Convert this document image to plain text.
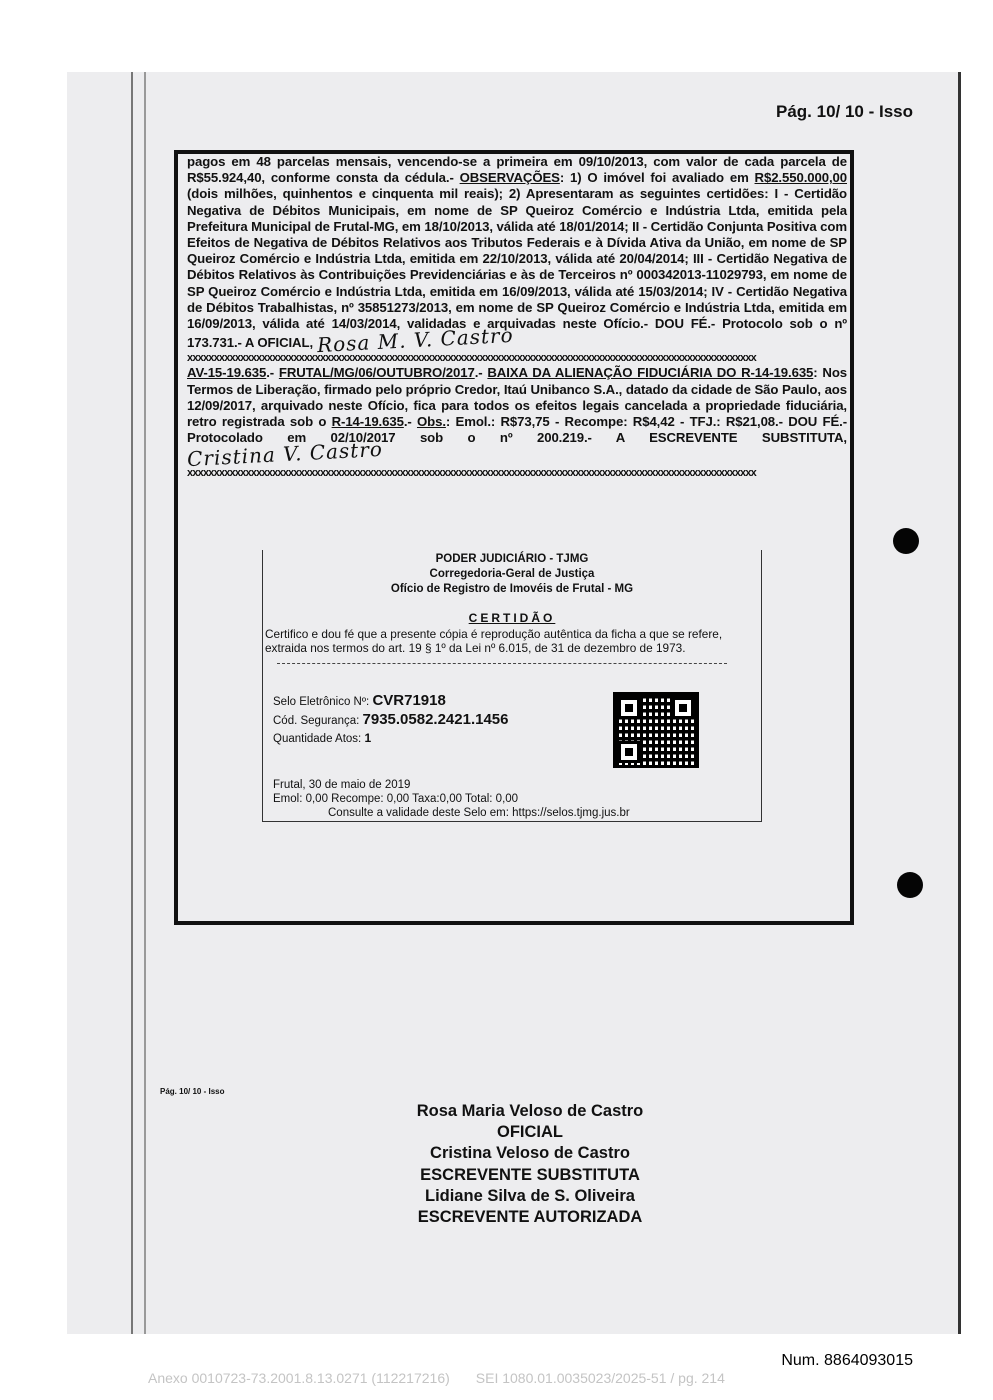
Pág. 10/ 10 - Isso

pagos em 48 parcelas mensais, vencendo-se a primeira em 09/10/2013, com valor de cada parcela de R$55.924,40, conforme consta da cédula.- OBSERVAÇÕES: 1) O imóvel foi avaliado em R$2.550.000,00 (dois milhões, quinhentos e cinquenta mil reais); 2) Apresentaram as seguintes certidões: I - Certidão Negativa de Débitos Municipais, em nome de SP Queiroz Comércio e Indústria Ltda, emitida pela Prefeitura Municipal de Frutal-MG, em 18/10/2013, válida até 18/01/2014; II - Certidão Conjunta Positiva com Efeitos de Negativa de Débitos Relativos aos Tributos Federais e à Dívida Ativa da União, em nome de SP Queiroz Comércio e Indústria Ltda, emitida em 22/10/2013, válida até 20/04/2014; III - Certidão Negativa de Débitos Relativos às Contribuições Previdenciárias e às de Terceiros nº 000342013-11029793, em nome de SP Queiroz Comércio e Indústria Ltda, emitida em 16/09/2013, válida até 15/03/2014; IV - Certidão Negativa de Débitos Trabalhistas, nº 35851273/2013, em nome de SP Queiroz Comércio e Indústria Ltda, emitida em 16/09/2013, válida até 14/03/2014, validadas e arquivadas neste Ofício.- DOU FÉ.- Protocolo sob o nº 173.731.- A OFICIAL, Rosa M. V. Castro

xxxxxxxxxxxxxxxxxxxxxxxxxxxxxxxxxxxxxxxxxxxxxxxxxxxxxxxxxxxxxxxxxxxxxxxxxxxxxxxxxxxxxxxxxxxxxxxxxxxxxxxxxxx

AV-15-19.635.- FRUTAL/MG/06/OUTUBRO/2017.- BAIXA DA ALIENAÇÃO FIDUCIÁRIA DO R-14-19.635: Nos Termos de Liberação, firmado pelo próprio Credor, Itaú Unibanco S.A., datado da cidade de São Paulo, aos 12/09/2017, arquivado neste Ofício, fica para todos os efeitos legais cancelada a propriedade fiduciária, retro registrada sob o R-14-19.635.- Obs.: Emol.: R$73,75 - Recompe: R$4,42 - TFJ.: R$21,08.- DOU FÉ.- Protocolado em 02/10/2017 sob o nº 200.219.- A ESCREVENTE SUBSTITUTA, Cristina V. Castro

xxxxxxxxxxxxxxxxxxxxxxxxxxxxxxxxxxxxxxxxxxxxxxxxxxxxxxxxxxxxxxxxxxxxxxxxxxxxxxxxxxxxxxxxxxxxxxxxxxxxxxxxxxx
PODER JUDICIÁRIO - TJMG
Corregedoria-Geral de Justiça
Ofício de Registro de Imovéis de Frutal - MG
CERTIDÃO
Certifico e dou fé que a presente cópia é reprodução autêntica da ficha a que se refere, extraida nos termos do art. 19 § 1º da Lei nº 6.015, de 31 de dezembro de 1973.
Selo Eletrônico Nº: CVR71918
Cód. Segurança: 7935.0582.2421.1456
Quantidade Atos: 1
Frutal, 30 de maio de 2019
Emol: 0,00 Recompe: 0,00 Taxa:0,00 Total: 0,00
Consulte a validade deste Selo em: https://selos.tjmg.jus.br
Pág. 10/ 10 - Isso
Rosa Maria Veloso de Castro
OFICIAL
Cristina Veloso de Castro
ESCREVENTE SUBSTITUTA
Lidiane Silva de S. Oliveira
ESCREVENTE AUTORIZADA
Num. 8864093015
Anexo 0010723-73.2001.8.13.0271 (112217216) SEI 1080.01.0035023/2025-51 / pg. 214
